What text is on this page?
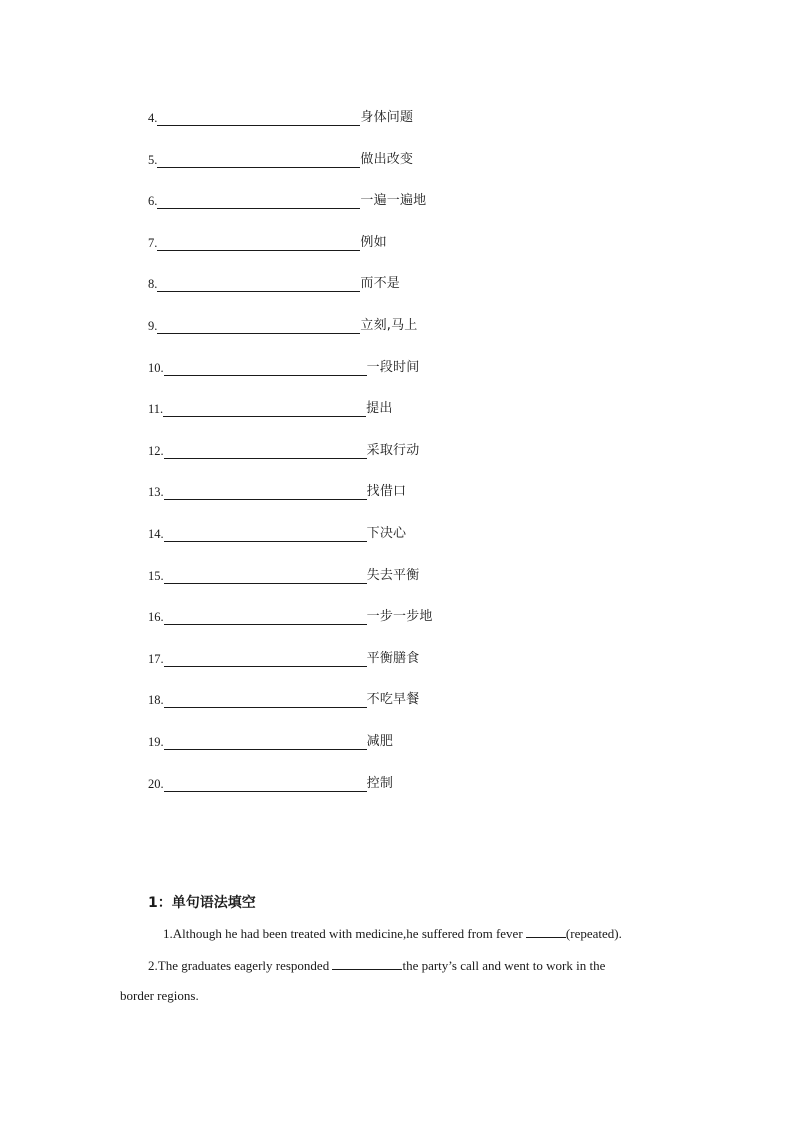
4.	身体问题
5.	做出改变
6.	一遍一遍地
7.	例如
8.	而不是
9.	立刻,马上
10.	一段时间
11.	提出
12.	采取行动
13.	找借口
14.	下决心
15.	失去平衡
16.	一步一步地
17.	平衡膳食
18.	不吃早餐
19.	减肥
20.	控制
1：单句语法填空
1.Although he had been treated with medicine,he suffered from fever	(repeated).
2.The graduates eagerly responded	the party’s call and went to work in the
border regions.
